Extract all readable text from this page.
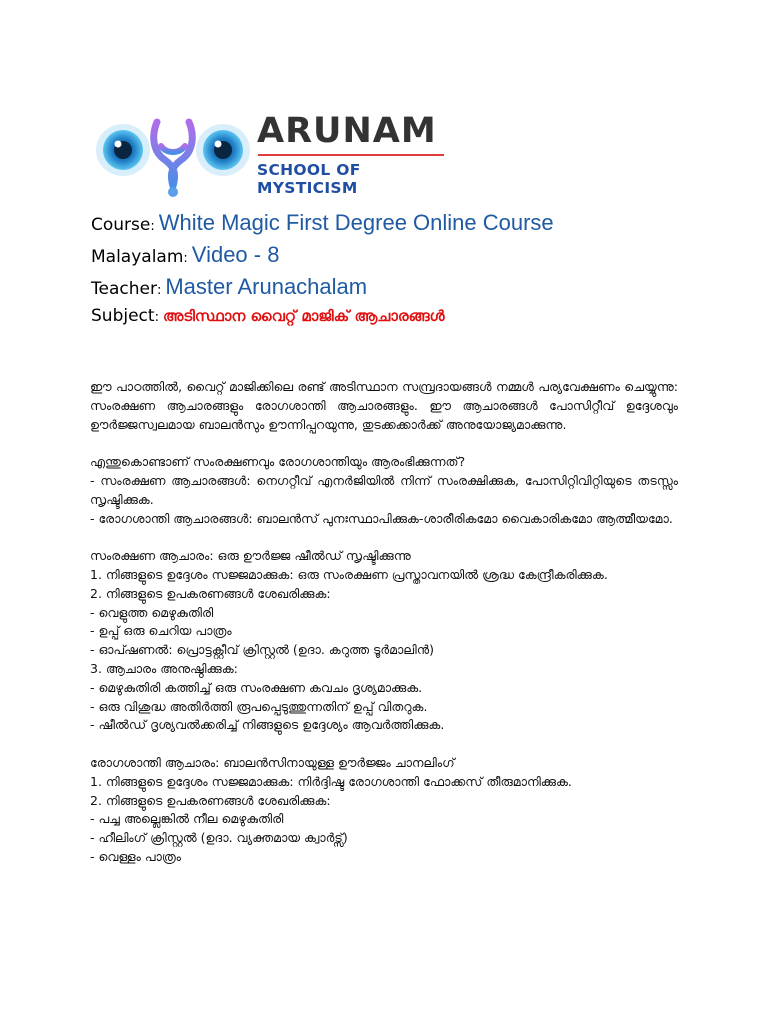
ARUNAM
SCHOOL OF MYSTICISM
Course : White Magic First Degree Online Course
Malayalam : Video - 8
Teacher : Master Arunachalam
Subject : അടിസ്ഥാന വൈറ്റ് മാജിക് ആചാരങ്ങൾ

ഈ പാഠത്തിൽ, വൈറ്റ് മാജിക്കിലെ രണ്ട് അടിസ്ഥാന സമ്പ്രദായങ്ങൾ നമ്മൾ പര്യവേക്ഷണം ചെയ്യുന്നു: സംരക്ഷണ ആചാരങ്ങളും രോഗശാന്തി ആചാരങ്ങളും. ഈ ആചാരങ്ങൾ പോസിറ്റീവ് ഉദ്ദേശവും ഊർജ്ജസ്വലമായ ബാലൻസും ഊന്നിപ്പറയുന്നു, തുടക്കക്കാർക്ക് അനുയോജ്യമാക്കുന്നു.

എന്തുകൊണ്ടാണ് സംരക്ഷണവും രോഗശാന്തിയും ആരംഭിക്കുന്നത്?

- സംരക്ഷണ ആചാരങ്ങൾ: നെഗറ്റീവ് എനർജിയിൽ നിന്ന് സംരക്ഷിക്കുക, പോസിറ്റിവിറ്റിയുടെ തടസ്സം സൃഷ്ടിക്കുക.

- രോഗശാന്തി ആചാരങ്ങൾ: ബാലൻസ് പുനഃസ്ഥാപിക്കുക-ശാരീരികമോ വൈകാരികമോ ആത്മീയമോ.

സംരക്ഷണ ആചാരം: ഒരു ഊർജ്ജ ഷീൽഡ് സൃഷ്ടിക്കുന്നു

1. നിങ്ങളുടെ ഉദ്ദേശം സജ്ജമാക്കുക: ഒരു സംരക്ഷണ പ്രസ്താവനയിൽ ശ്രദ്ധ കേന്ദ്രീകരിക്കുക.

2. നിങ്ങളുടെ ഉപകരണങ്ങൾ ശേഖരിക്കുക:

- വെളുത്ത മെഴുകുതിരി

- ഉപ്പ് ഒരു ചെറിയ പാത്രം

- ഓപ്ഷണൽ: പ്രൊട്ടക്റ്റീവ് ക്രിസ്റ്റൽ (ഉദാ. കറുത്ത ടൂർമാലിൻ)

3. ആചാരം അനുഷ്ഠിക്കുക:

- മെഴുകുതിരി കത്തിച്ച് ഒരു സംരക്ഷണ കവചം ദൃശ്യമാക്കുക.

- ഒരു വിശുദ്ധ അതിർത്തി രൂപപ്പെടുത്തുന്നതിന് ഉപ്പ് വിതറുക.

- ഷീൽഡ് ദൃശ്യവൽക്കരിച്ച് നിങ്ങളുടെ ഉദ്ദേശ്യം ആവർത്തിക്കുക.

രോഗശാന്തി ആചാരം: ബാലൻസിനായുള്ള ഊർജ്ജം ചാനലിംഗ്

1. നിങ്ങളുടെ ഉദ്ദേശം സജ്ജമാക്കുക: നിർദ്ദിഷ്ട രോഗശാന്തി ഫോക്കസ് തീരുമാനിക്കുക.

2. നിങ്ങളുടെ ഉപകരണങ്ങൾ ശേഖരിക്കുക:

- പച്ച അല്ലെങ്കിൽ നീല മെഴുകുതിരി

- ഹീലിംഗ് ക്രിസ്റ്റൽ (ഉദാ. വ്യക്തമായ ക്വാർട്സ്)

- വെള്ളം പാത്രം
